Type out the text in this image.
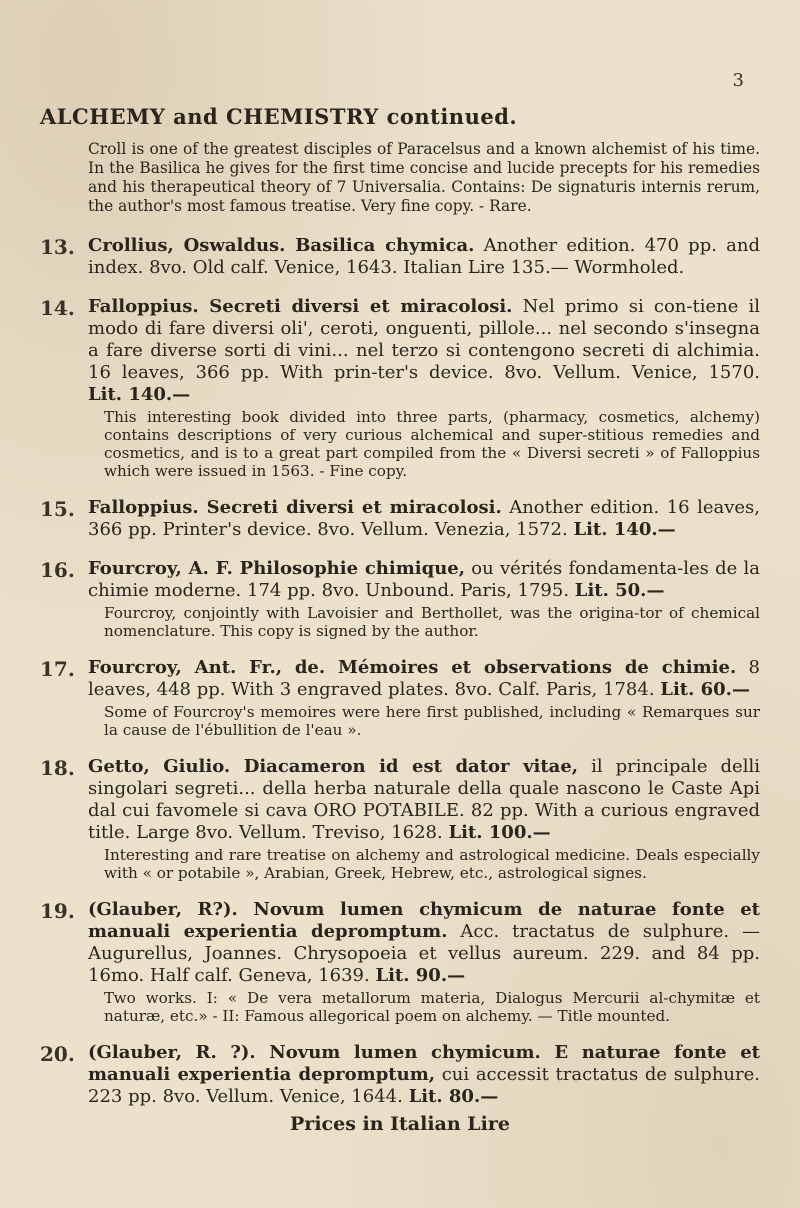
3
ALCHEMY and CHEMISTRY continued.
Croll is one of the greatest disciples of Paracelsus and a known alchemist of his time. In the Basilica he gives for the first time concise and lucide precepts for his remedies and his therapeutical theory of 7 Universalia. Contains: De signaturis internis rerum, the author's most famous treatise. Very fine copy. - Rare.
13. Crollius, Oswaldus. Basilica chymica. Another edition. 470 pp. and index. 8vo. Old calf. Venice, 1643. Italian Lire 135.— Wormholed.
14. Falloppius. Secreti diversi et miracolosi. Nel primo si con-tiene il modo di fare diversi oli', ceroti, onguenti, pillole... nel secondo s'insegna a fare diverse sorti di vini... nel terzo si contengono secreti di alchimia. 16 leaves, 366 pp. With prin-ter's device. 8vo. Vellum. Venice, 1570. Lit. 140.—
This interesting book divided into three parts, (pharmacy, cosmetics, alchemy) contains descriptions of very curious alchemical and super-stitious remedies and cosmetics, and is to a great part compiled from the « Diversi secreti » of Falloppius which were issued in 1563. - Fine copy.
15. Falloppius. Secreti diversi et miracolosi. Another edition. 16 leaves, 366 pp. Printer's device. 8vo. Vellum. Venezia, 1572. Lit. 140.—
16. Fourcroy, A. F. Philosophie chimique, ou vérités fondamenta-les de la chimie moderne. 174 pp. 8vo. Unbound. Paris, 1795. Lit. 50.—
Fourcroy, conjointly with Lavoisier and Berthollet, was the origina-tor of chemical nomenclature. This copy is signed by the author.
17. Fourcroy, Ant. Fr., de. Mémoires et observations de chimie. 8 leaves, 448 pp. With 3 engraved plates. 8vo. Calf. Paris, 1784. Lit. 60.—
Some of Fourcroy's memoires were here first published, including « Remarques sur la cause de l'ébullition de l'eau ».
18. Getto, Giulio. Diacameron id est dator vitae, il principale delli singolari segreti... della herba naturale della quale nascono le Caste Api dal cui favomele si cava ORO POTABILE. 82 pp. With a curious engraved title. Large 8vo. Vellum. Treviso, 1628. Lit. 100.—
Interesting and rare treatise on alchemy and astrological medicine. Deals especially with « or potabile », Arabian, Greek, Hebrew, etc., astrological signes.
19. (Glauber, R?). Novum lumen chymicum de naturae fonte et manuali experientia depromptum. Acc. tractatus de sulphure. — Augurellus, Joannes. Chrysopoeia et vellus aureum. 229. and 84 pp. 16mo. Half calf. Geneva, 1639. Lit. 90.—
Two works. I: « De vera metallorum materia, Dialogus Mercurii al-chymitæ et naturæ, etc.» - II: Famous allegorical poem on alchemy. — Title mounted.
20. (Glauber, R. ?). Novum lumen chymicum. E naturae fonte et manuali experientia depromptum, cui accessit tractatus de sulphure. 223 pp. 8vo. Vellum. Venice, 1644. Lit. 80.—
Prices in Italian Lire
